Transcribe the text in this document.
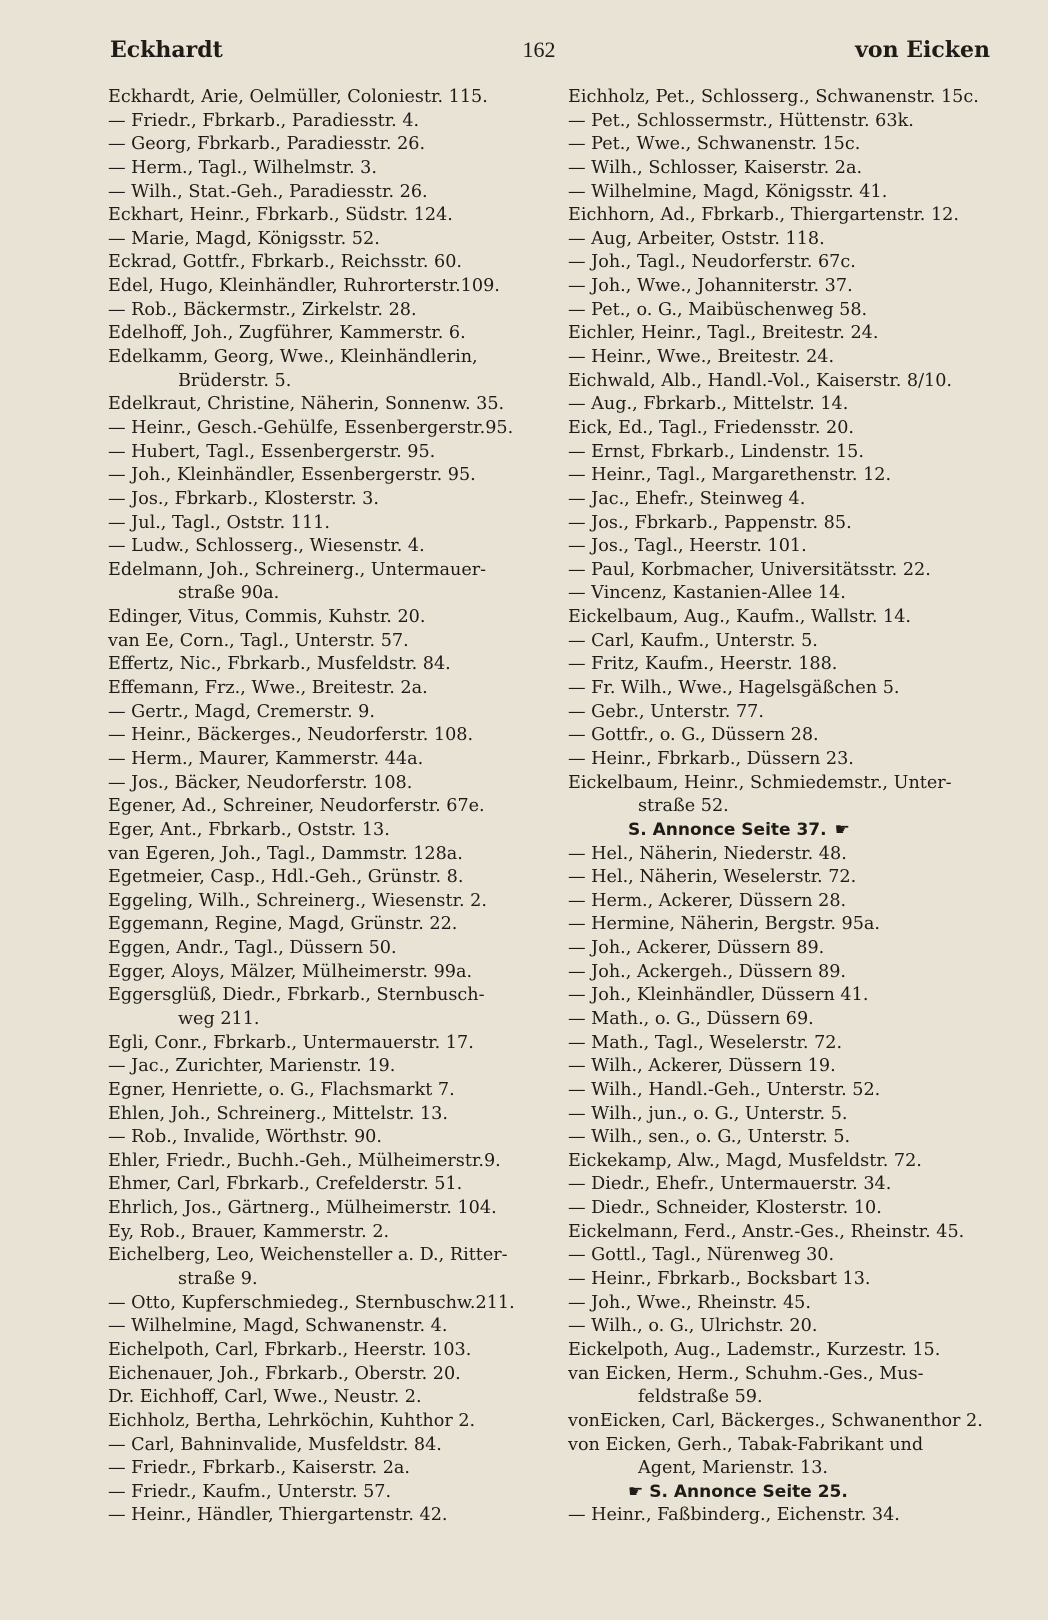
Eckhardt	162	von Eicken
Eckhardt, Arie, Oelmüller, Coloniestr. 115.
— Friedr., Fbrkarb., Paradiesstr. 4.
— Georg, Fbrkarb., Paradiesstr. 26.
— Herm., Tagl., Wilhelmstr. 3.
— Wilh., Stat.-Geh., Paradiesstr. 26.
Eckhart, Heinr., Fbrkarb., Südstr. 124.
— Marie, Magd, Königsstr. 52.
Eckrad, Gottfr., Fbrkarb., Reichsstr. 60.
Edel, Hugo, Kleinhändler, Ruhrorterstr.109.
— Rob., Bäckermstr., Zirkelstr. 28.
Edelhoff, Joh., Zugführer, Kammerstr. 6.
Edelkamm, Georg, Wwe., Kleinhändlerin,
Brüderstr. 5.
Edelkraut, Christine, Näherin, Sonnenw. 35.
— Heinr., Gesch.-Gehülfe, Essenbergerstr.95.
— Hubert, Tagl., Essenbergerstr. 95.
— Joh., Kleinhändler, Essenbergerstr. 95.
— Jos., Fbrkarb., Klosterstr. 3.
— Jul., Tagl., Oststr. 111.
— Ludw., Schlosserg., Wiesenstr. 4.
Edelmann, Joh., Schreinerg., Untermauer-
straße 90a.
Edinger, Vitus, Commis, Kuhstr. 20.
van Ee, Corn., Tagl., Unterstr. 57.
Effertz, Nic., Fbrkarb., Musfeldstr. 84.
Effemann, Frz., Wwe., Breitestr. 2a.
— Gertr., Magd, Cremerstr. 9.
— Heinr., Bäckerges., Neudorferstr. 108.
— Herm., Maurer, Kammerstr. 44a.
— Jos., Bäcker, Neudorferstr. 108.
Egener, Ad., Schreiner, Neudorferstr. 67e.
Eger, Ant., Fbrkarb., Oststr. 13.
van Egeren, Joh., Tagl., Dammstr. 128a.
Egetmeier, Casp., Hdl.-Geh., Grünstr. 8.
Eggeling, Wilh., Schreinerg., Wiesenstr. 2.
Eggemann, Regine, Magd, Grünstr. 22.
Eggen, Andr., Tagl., Düssern 50.
Egger, Aloys, Mälzer, Mülheimerstr. 99a.
Eggersglüß, Diedr., Fbrkarb., Sternbusch-
weg 211.
Egli, Conr., Fbrkarb., Untermauerstr. 17.
— Jac., Zurichter, Marienstr. 19.
Egner, Henriette, o. G., Flachsmarkt 7.
Ehlen, Joh., Schreinerg., Mittelstr. 13.
— Rob., Invalide, Wörthstr. 90.
Ehler, Friedr., Buchh.-Geh., Mülheimerstr.9.
Ehmer, Carl, Fbrkarb., Crefelderstr. 51.
Ehrlich, Jos., Gärtnerg., Mülheimerstr. 104.
Ey, Rob., Brauer, Kammerstr. 2.
Eichelberg, Leo, Weichensteller a. D., Ritter-
straße 9.
— Otto, Kupferschmiedeg., Sternbuschw.211.
— Wilhelmine, Magd, Schwanenstr. 4.
Eichelpoth, Carl, Fbrkarb., Heerstr. 103.
Eichenauer, Joh., Fbrkarb., Oberstr. 20.
Dr. Eichhoff, Carl, Wwe., Neustr. 2.
Eichholz, Bertha, Lehrköchin, Kuhthor 2.
— Carl, Bahninvalide, Musfeldstr. 84.
— Friedr., Fbrkarb., Kaiserstr. 2a.
— Friedr., Kaufm., Unterstr. 57.
— Heinr., Händler, Thiergartenstr. 42.
Eichholz, Pet., Schlosserg., Schwanenstr. 15c.
— Pet., Schlossermstr., Hüttenstr. 63k.
— Pet., Wwe., Schwanenstr. 15c.
— Wilh., Schlosser, Kaiserstr. 2a.
— Wilhelmine, Magd, Königsstr. 41.
Eichhorn, Ad., Fbrkarb., Thiergartenstr. 12.
— Aug, Arbeiter, Oststr. 118.
— Joh., Tagl., Neudorferstr. 67c.
— Joh., Wwe., Johanniterstr. 37.
— Pet., o. G., Maibüschenweg 58.
Eichler, Heinr., Tagl., Breitestr. 24.
— Heinr., Wwe., Breitestr. 24.
Eichwald, Alb., Handl.-Vol., Kaiserstr. 8/10.
— Aug., Fbrkarb., Mittelstr. 14.
Eick, Ed., Tagl., Friedensstr. 20.
— Ernst, Fbrkarb., Lindenstr. 15.
— Heinr., Tagl., Margarethenstr. 12.
— Jac., Ehefr., Steinweg 4.
— Jos., Fbrkarb., Pappenstr. 85.
— Jos., Tagl., Heerstr. 101.
— Paul, Korbmacher, Universitätsstr. 22.
— Vincenz, Kastanien-Allee 14.
Eickelbaum, Aug., Kaufm., Wallstr. 14.
— Carl, Kaufm., Unterstr. 5.
— Fritz, Kaufm., Heerstr. 188.
— Fr. Wilh., Wwe., Hagelsgäßchen 5.
— Gebr., Unterstr. 77.
— Gottfr., o. G., Düssern 28.
— Heinr., Fbrkarb., Düssern 23.
Eickelbaum, Heinr., Schmiedemstr., Unter-
straße 52.
S. Annonce Seite 37. ☛
— Hel., Näherin, Niederstr. 48.
— Hel., Näherin, Weselerstr. 72.
— Herm., Ackerer, Düssern 28.
— Hermine, Näherin, Bergstr. 95a.
— Joh., Ackerer, Düssern 89.
— Joh., Ackergeh., Düssern 89.
— Joh., Kleinhändler, Düssern 41.
— Math., o. G., Düssern 69.
— Math., Tagl., Weselerstr. 72.
— Wilh., Ackerer, Düssern 19.
— Wilh., Handl.-Geh., Unterstr. 52.
— Wilh., jun., o. G., Unterstr. 5.
— Wilh., sen., o. G., Unterstr. 5.
Eickekamp, Alw., Magd, Musfeldstr. 72.
— Diedr., Ehefr., Untermauerstr. 34.
— Diedr., Schneider, Klosterstr. 10.
Eickelmann, Ferd., Anstr.-Ges., Rheinstr. 45.
— Gottl., Tagl., Nürenweg 30.
— Heinr., Fbrkarb., Bocksbart 13.
— Joh., Wwe., Rheinstr. 45.
— Wilh., o. G., Ulrichstr. 20.
Eickelpoth, Aug., Lademstr., Kurzestr. 15.
van Eicken, Herm., Schuhm.-Ges., Mus-
feldstraße 59.
vonEicken, Carl, Bäckerges., Schwanenthor 2.
von Eicken, Gerh., Tabak-Fabrikant und
Agent, Marienstr. 13.
☛ S. Annonce Seite 25.
— Heinr., Faßbinderg., Eichenstr. 34.
